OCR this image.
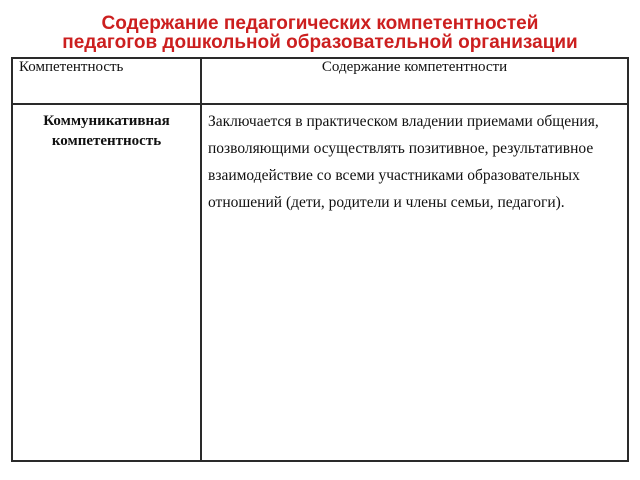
Содержание педагогических компетентностей
педагогов дошкольной образовательной организации
Компетентность	Содержание компетентности
Коммуникативная компетентность	Заключается в практическом владении приемами общения, позволяющими осуществлять позитивное, результативное взаимодействие со всеми участниками образовательных отношений (дети, родители и члены семьи, педагоги).
